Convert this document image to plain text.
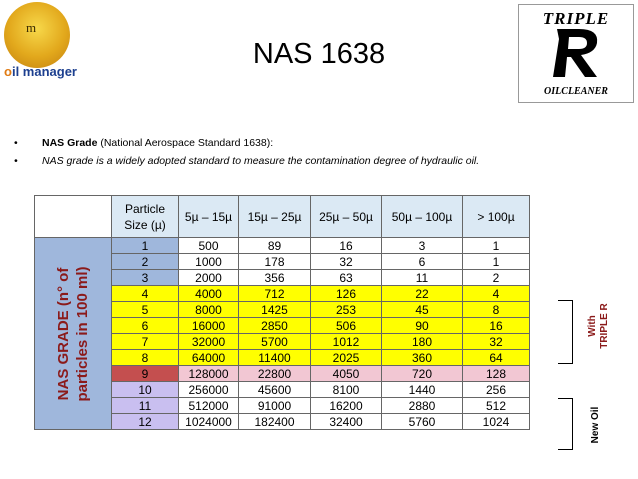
m
oil manager
TRIPLE
OILCLEANER
NAS 1638
• NAS Grade (National Aerospace Standard 1638):
• NAS grade is a widely adopted standard to measure the contamination degree of hydraulic oil.
	Particle Size (µ)	5µ – 15µ	15µ – 25µ	25µ – 50µ	50µ – 100µ	> 100µ

NAS GRADE (n° of particles in 100 ml)	1	500	89	16	3	1
	2	1000	178	32	6	1
	3	2000	356	63	11	2
	4	4000	712	126	22	4
	5	8000	1425	253	45	8
	6	16000	2850	506	90	16
	7	32000	5700	1012	180	32
	8	64000	11400	2025	360	64
	9	128000	22800	4050	720	128
	10	256000	45600	8100	1440	256
	11	512000	91000	16200	2880	512
	12	1024000	182400	32400	5760	1024
With TRIPLE R
New Oil
